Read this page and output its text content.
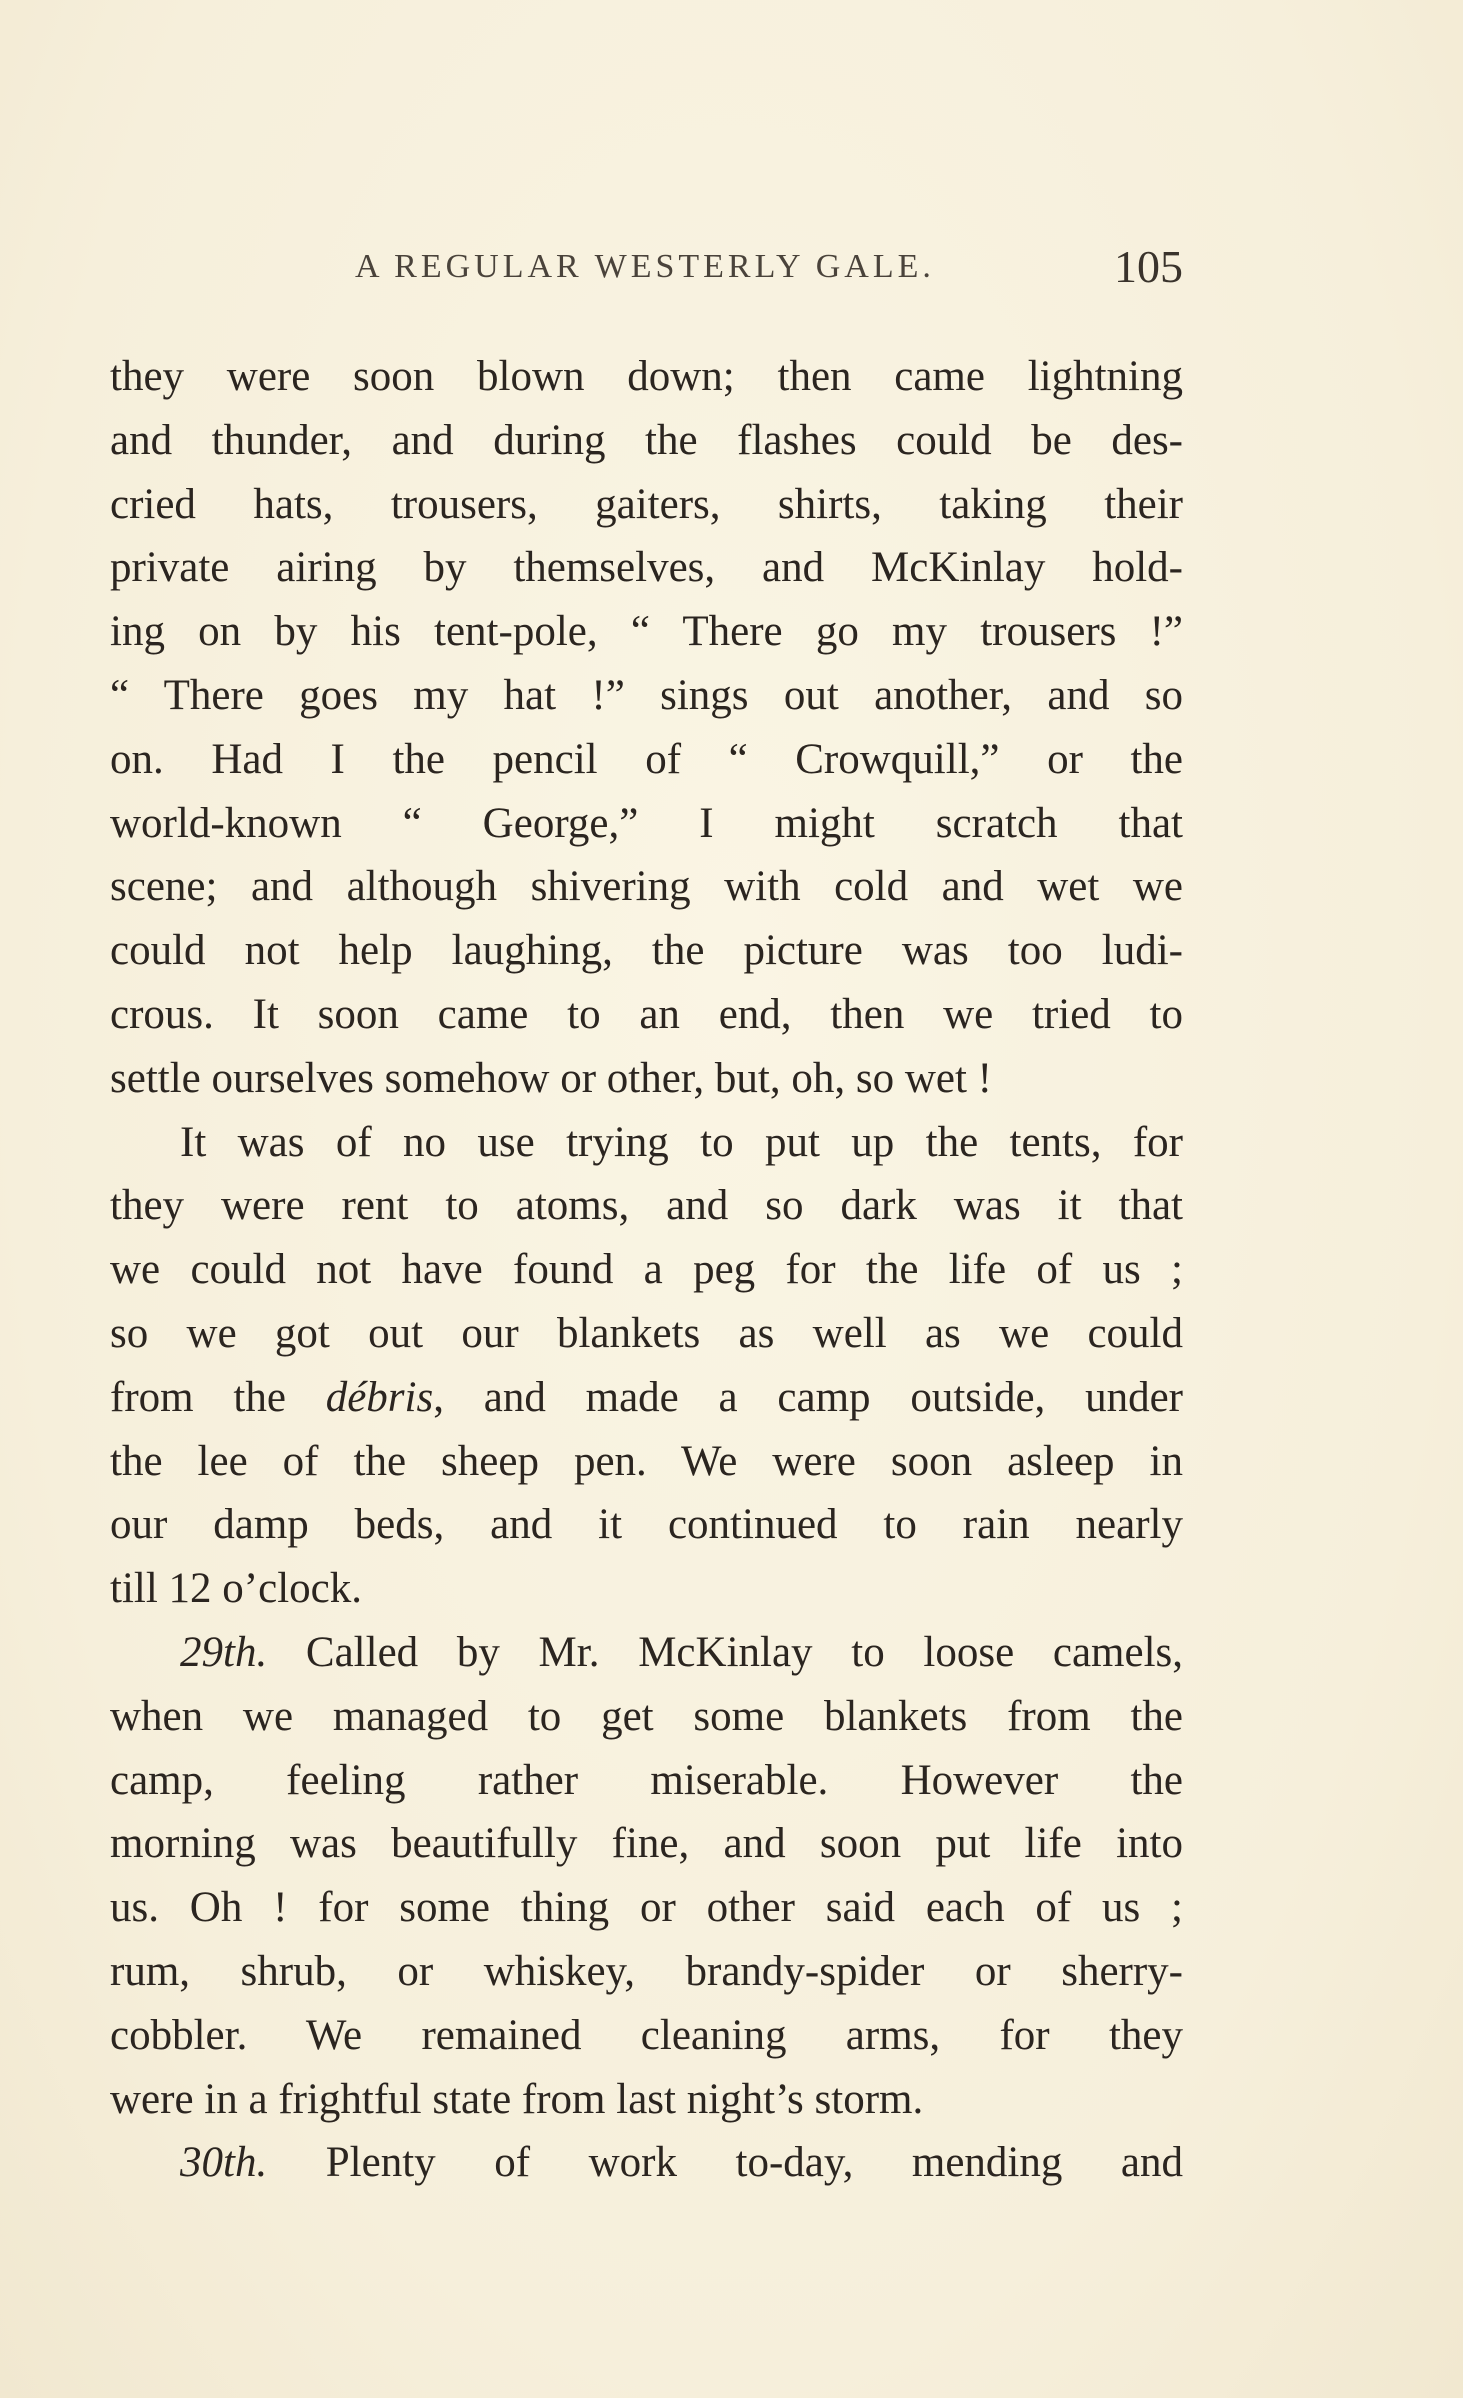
A REGULAR WESTERLY GALE.	105
they were soon blown down; then came lightning
and thunder, and during the flashes could be des-
cried hats, trousers, gaiters, shirts, taking their
private airing by themselves, and McKinlay hold-
ing on by his tent-pole, “ There go my trousers !”
“ There goes my hat !” sings out another, and so
on. Had I the pencil of “ Crowquill,” or the
world-known “ George,” I might scratch that
scene; and although shivering with cold and wet we
could not help laughing, the picture was too ludi-
crous. It soon came to an end, then we tried to
settle ourselves somehow or other, but, oh, so wet !
It was of no use trying to put up the tents, for
they were rent to atoms, and so dark was it that
we could not have found a peg for the life of us ;
so we got out our blankets as well as we could
from the débris, and made a camp outside, under
the lee of the sheep pen. We were soon asleep in
our damp beds, and it continued to rain nearly
till 12 o’clock.
29th. Called by Mr. McKinlay to loose camels,
when we managed to get some blankets from the
camp, feeling rather miserable. However the
morning was beautifully fine, and soon put life into
us. Oh ! for some thing or other said each of us ;
rum, shrub, or whiskey, brandy-spider or sherry-
cobbler. We remained cleaning arms, for they
were in a frightful state from last night’s storm.
30th. Plenty of work to-day, mending and
